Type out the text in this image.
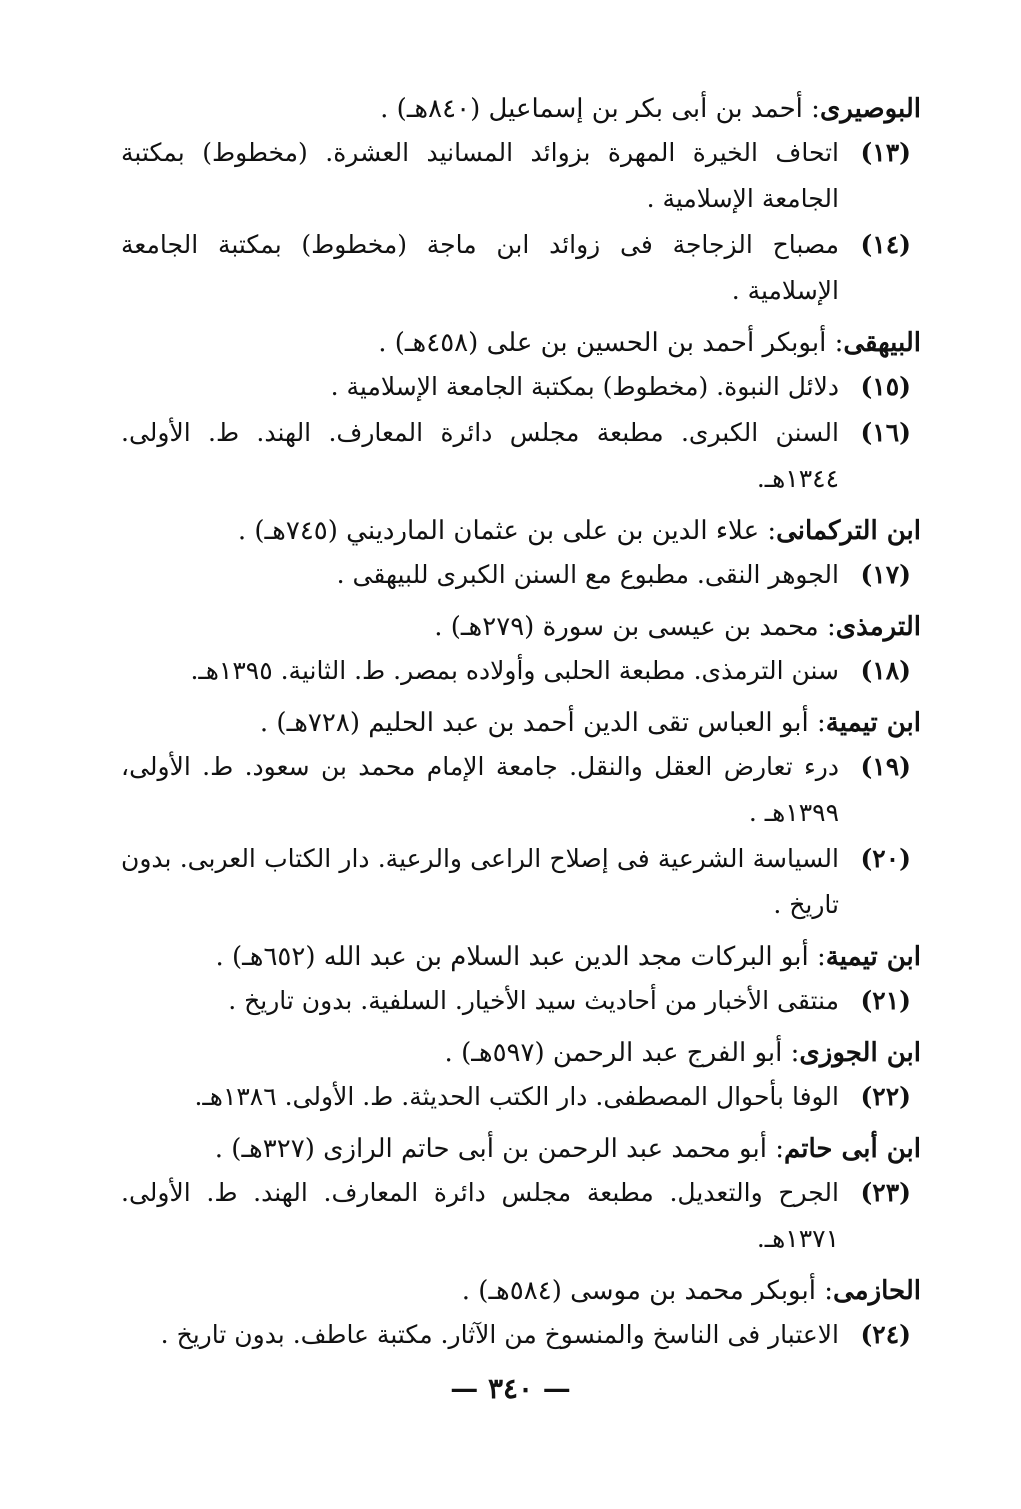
البوصيرى: أحمد بن أبى بكر بن إسماعيل (٨٤٠هـ) .
(١٣)
اتحاف الخيرة المهرة بزوائد المسانيد العشرة. (مخطوط) بمكتبة الجامعة الإسلامية .
(١٤)
مصباح الزجاجة فى زوائد ابن ماجة (مخطوط) بمكتبة الجامعة الإسلامية .
البيهقى: أبوبكر أحمد بن الحسين بن على (٤٥٨هـ) .
(١٥)
دلائل النبوة. (مخطوط) بمكتبة الجامعة الإسلامية .
(١٦)
السنن الكبرى. مطبعة مجلس دائرة المعارف. الهند. ط. الأولى. ١٣٤٤هـ.
ابن التركمانى: علاء الدين بن على بن عثمان المارديني (٧٤٥هـ) .
(١٧)
الجوهر النقى. مطبوع مع السنن الكبرى للبيهقى .
الترمذى: محمد بن عيسى بن سورة (٢٧٩هـ) .
(١٨)
سنن الترمذى. مطبعة الحلبى وأولاده بمصر. ط. الثانية. ١٣٩٥هـ.
ابن تيمية: أبو العباس تقى الدين أحمد بن عبد الحليم (٧٢٨هـ) .
(١٩)
درء تعارض العقل والنقل. جامعة الإمام محمد بن سعود. ط. الأولى، ١٣٩٩هـ .
(٢٠)
السياسة الشرعية فى إصلاح الراعى والرعية. دار الكتاب العربى. بدون تاريخ .
ابن تيمية: أبو البركات مجد الدين عبد السلام بن عبد الله (٦٥٢هـ) .
(٢١)
منتقى الأخبار من أحاديث سيد الأخيار. السلفية. بدون تاريخ .
ابن الجوزى: أبو الفرج عبد الرحمن (٥٩٧هـ) .
(٢٢)
الوفا بأحوال المصطفى. دار الكتب الحديثة. ط. الأولى. ١٣٨٦هـ.
ابن أبى حاتم: أبو محمد عبد الرحمن بن أبى حاتم الرازى (٣٢٧هـ) .
(٢٣)
الجرح والتعديل. مطبعة مجلس دائرة المعارف. الهند. ط. الأولى. ١٣٧١هـ.
الحازمى: أبوبكر محمد بن موسى (٥٨٤هـ) .
(٢٤)
الاعتبار فى الناسخ والمنسوخ من الآثار. مكتبة عاطف. بدون تاريخ .
— ٣٤٠ —
